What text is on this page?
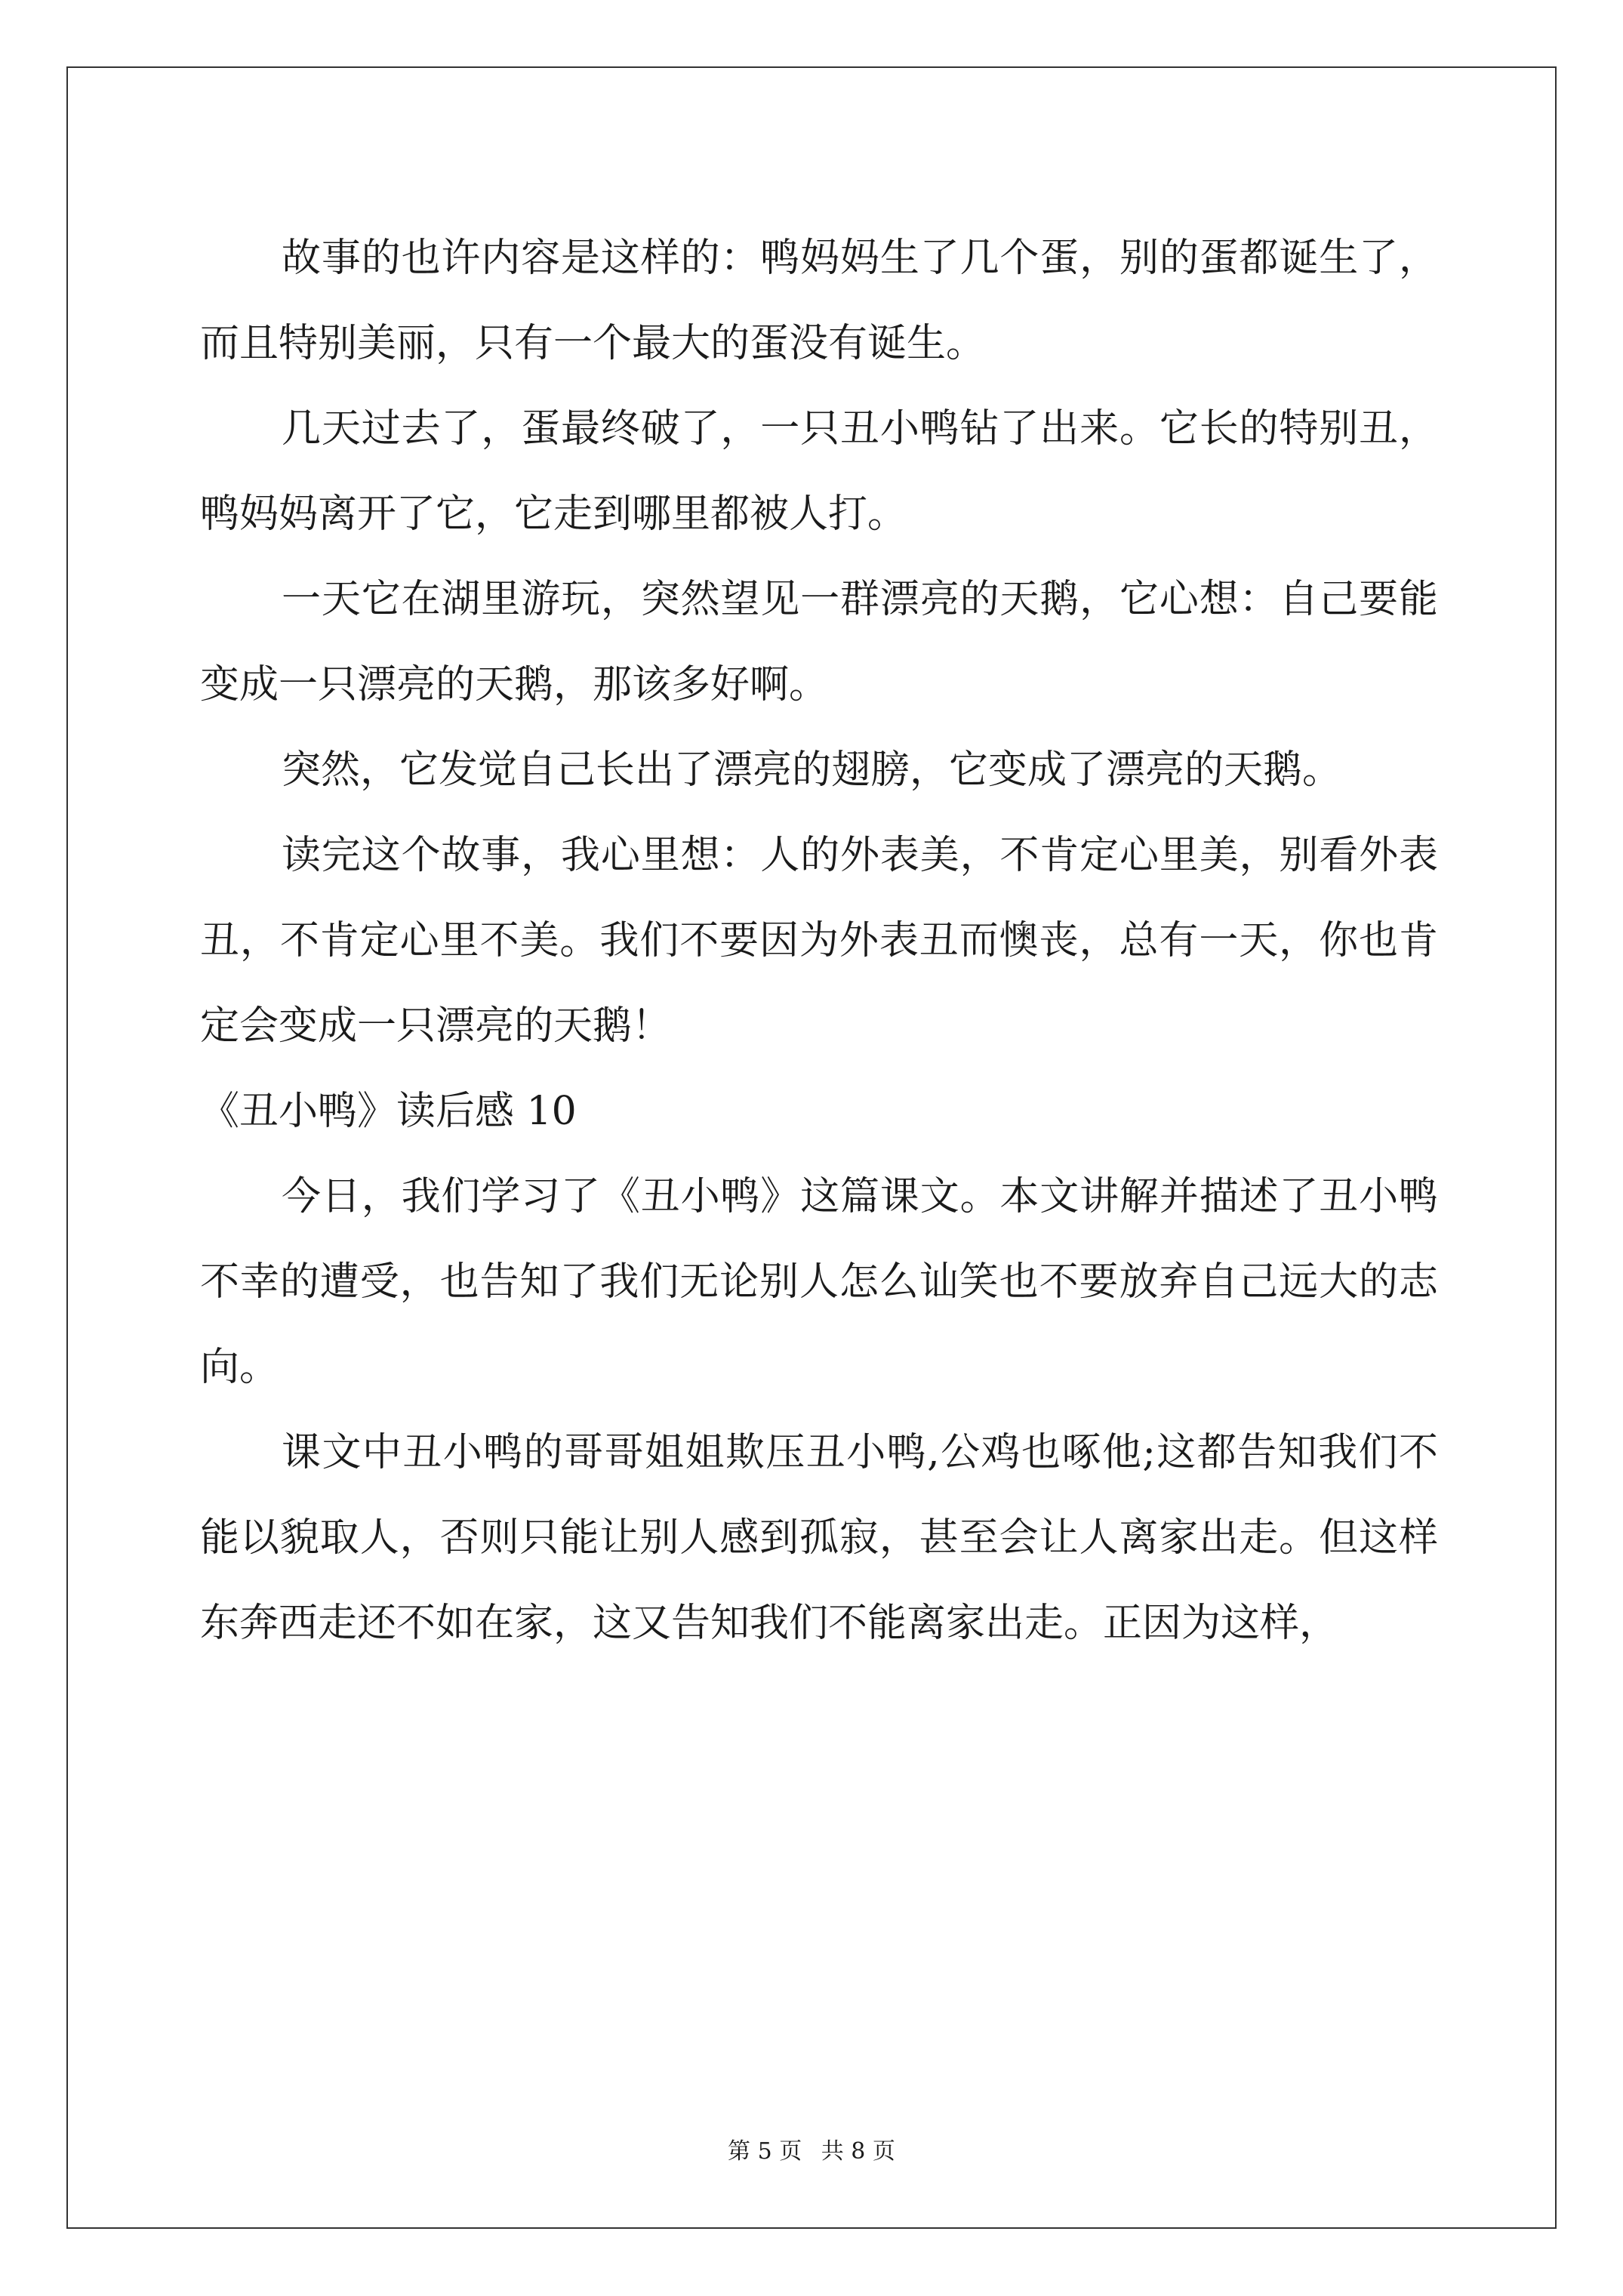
故事的也许内容是这样的：鸭妈妈生了几个蛋，别的蛋都诞生了，而且特别美丽，只有一个最大的蛋没有诞生。

几天过去了，蛋最终破了，一只丑小鸭钻了出来。它长的特别丑，鸭妈妈离开了它，它走到哪里都被人打。

一天它在湖里游玩，突然望见一群漂亮的天鹅，它心想：自己要能变成一只漂亮的天鹅，那该多好啊。

突然，它发觉自己长出了漂亮的翅膀，它变成了漂亮的天鹅。

读完这个故事，我心里想：人的外表美，不肯定心里美，别看外表丑，不肯定心里不美。我们不要因为外表丑而懊丧，总有一天，你也肯定会变成一只漂亮的天鹅！

《丑小鸭》读后感 10

今日，我们学习了《丑小鸭》这篇课文。本文讲解并描述了丑小鸭不幸的遭受，也告知了我们无论别人怎么讪笑也不要放弃自己远大的志向。

课文中丑小鸭的哥哥姐姐欺压丑小鸭,公鸡也啄他;这都告知我们不能以貌取人，否则只能让别人感到孤寂，甚至会让人离家出走。但这样东奔西走还不如在家，这又告知我们不能离家出走。正因为这样，

第 5 页 共 8 页
